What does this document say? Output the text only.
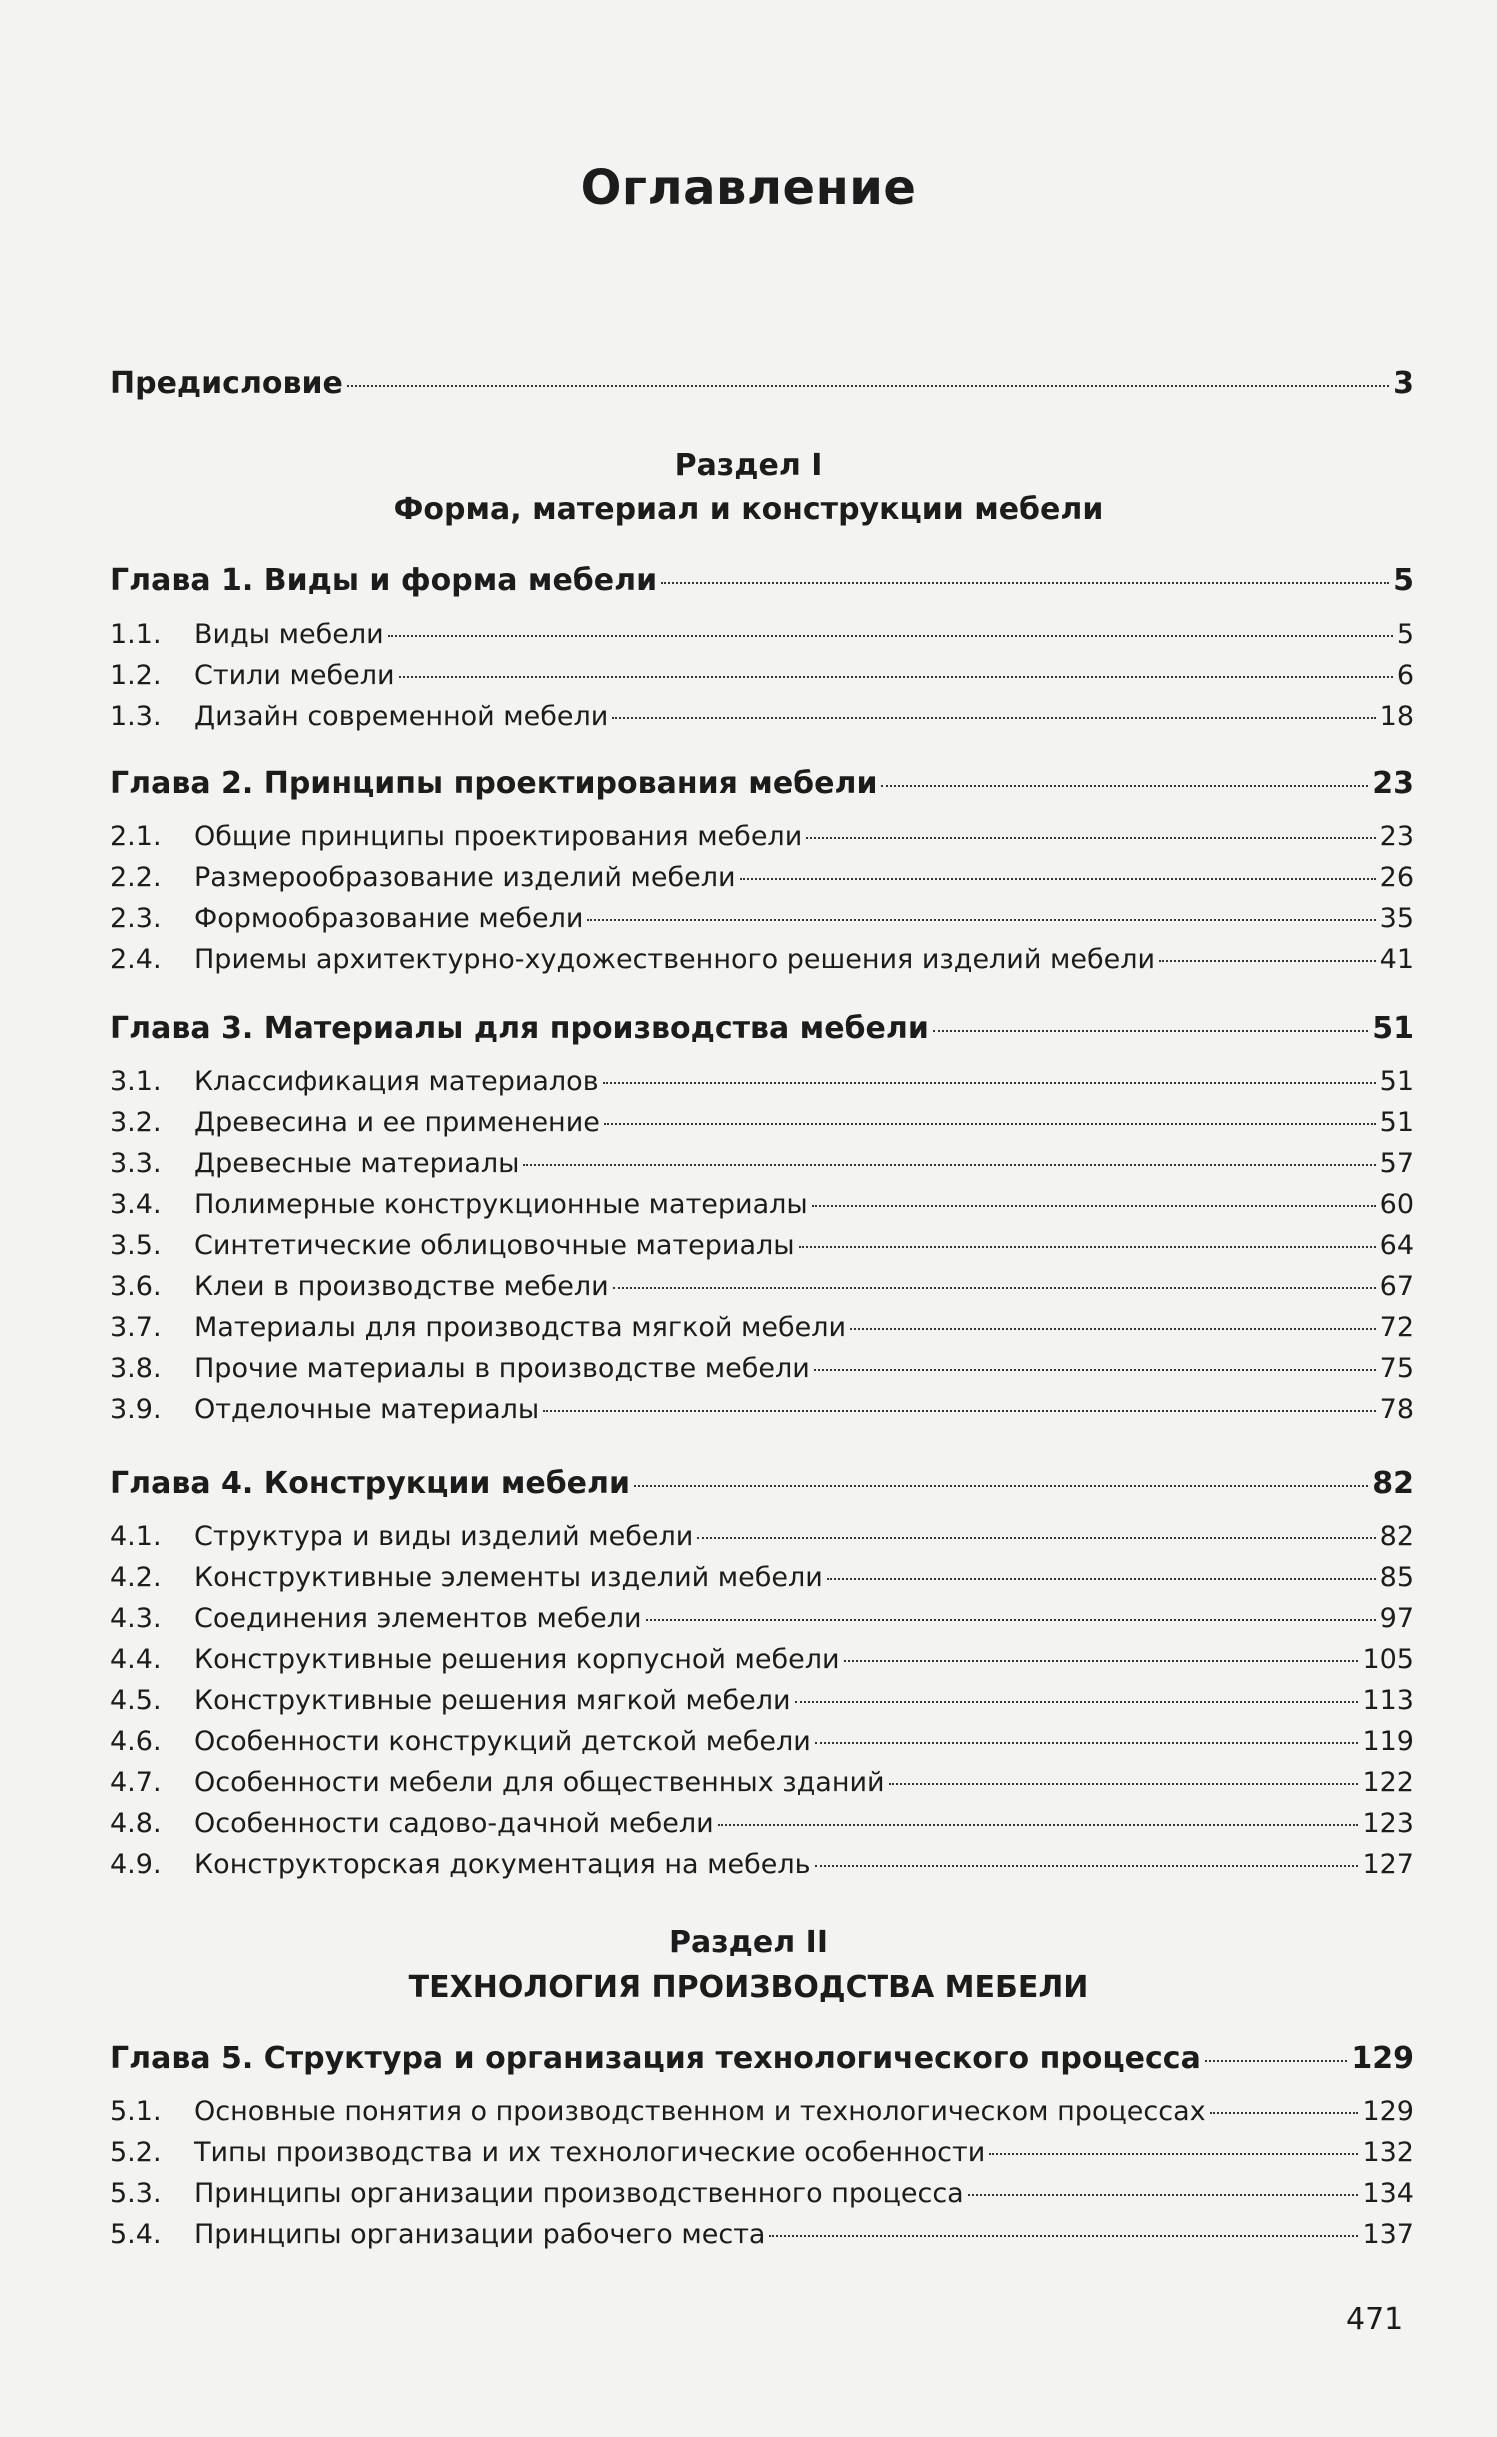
Оглавление
Предисловие	3
Раздел I
Форма, материал и конструкции мебели
Глава 1. Виды и форма мебели	5
1.1.	Виды мебели	5
1.2.	Стили мебели	6
1.3.	Дизайн современной мебели	18
Глава 2. Принципы проектирования мебели	23
2.1.	Общие принципы проектирования мебели	23
2.2.	Размерообразование изделий мебели	26
2.3.	Формообразование мебели	35
2.4.	Приемы архитектурно-художественного решения изделий мебели	41
Глава 3. Материалы для производства мебели	51
3.1.	Классификация материалов	51
3.2.	Древесина и ее применение	51
3.3.	Древесные материалы	57
3.4.	Полимерные конструкционные материалы	60
3.5.	Синтетические облицовочные материалы	64
3.6.	Клеи в производстве мебели	67
3.7.	Материалы для производства мягкой мебели	72
3.8.	Прочие материалы в производстве мебели	75
3.9.	Отделочные материалы	78
Глава 4. Конструкции мебели	82
4.1.	Структура и виды изделий мебели	82
4.2.	Конструктивные элементы изделий мебели	85
4.3.	Соединения элементов мебели	97
4.4.	Конструктивные решения корпусной мебели	105
4.5.	Конструктивные решения мягкой мебели	113
4.6.	Особенности конструкций детской мебели	119
4.7.	Особенности мебели для общественных зданий	122
4.8.	Особенности садово-дачной мебели	123
4.9.	Конструкторская документация на мебель	127
Раздел II
ТЕХНОЛОГИЯ ПРОИЗВОДСТВА МЕБЕЛИ
Глава 5. Структура и организация технологического процесса	129
5.1.	Основные понятия о производственном и технологическом процессах	129
5.2.	Типы производства и их технологические особенности	132
5.3.	Принципы организации производственного процесса	134
5.4.	Принципы организации рабочего места	137
471
